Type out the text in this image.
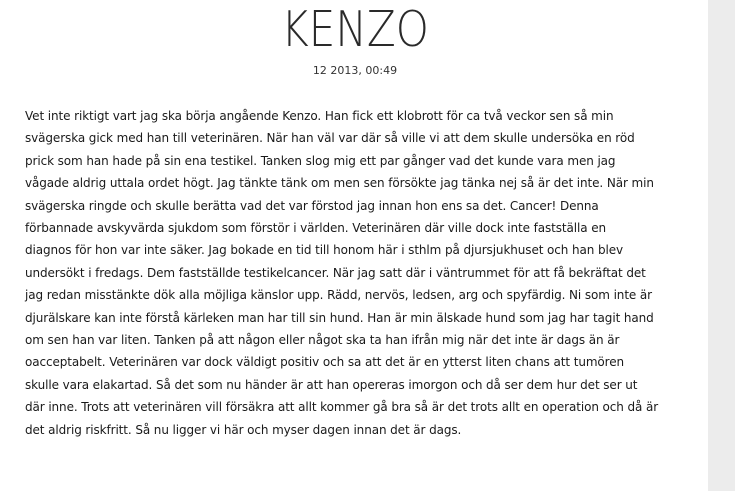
KENZO
12 2013, 00:49
Vet inte riktigt vart jag ska börja angående Kenzo. Han fick ett klobrott för ca två veckor sen så min
svägerska gick med han till veterinären. När han väl var där så ville vi att dem skulle undersöka en röd
prick som han hade på sin ena testikel. Tanken slog mig ett par gånger vad det kunde vara men jag
vågade aldrig uttala ordet högt. Jag tänkte tänk om men sen försökte jag tänka nej så är det inte. När min
svägerska ringde och skulle berätta vad det var förstod jag innan hon ens sa det. Cancer! Denna
förbannade avskyvärda sjukdom som förstör i världen. Veterinären där ville dock inte fastställa en
diagnos för hon var inte säker. Jag bokade en tid till honom här i sthlm på djursjukhuset och han blev
undersökt i fredags. Dem fastställde testikelcancer. När jag satt där i väntrummet för att få bekräftat det
jag redan misstänkte dök alla möjliga känslor upp. Rädd, nervös, ledsen, arg och spyfärdig. Ni som inte är
djurälskare kan inte förstå kärleken man har till sin hund. Han är min älskade hund som jag har tagit hand
om sen han var liten. Tanken på att någon eller något ska ta han ifrån mig när det inte är dags än är
oacceptabelt. Veterinären var dock väldigt positiv och sa att det är en ytterst liten chans att tumören
skulle vara elakartad. Så det som nu händer är att han opereras imorgon och då ser dem hur det ser ut
där inne. Trots att veterinären vill försäkra att allt kommer gå bra så är det trots allt en operation och då är
det aldrig riskfritt. Så nu ligger vi här och myser dagen innan det är dags.
